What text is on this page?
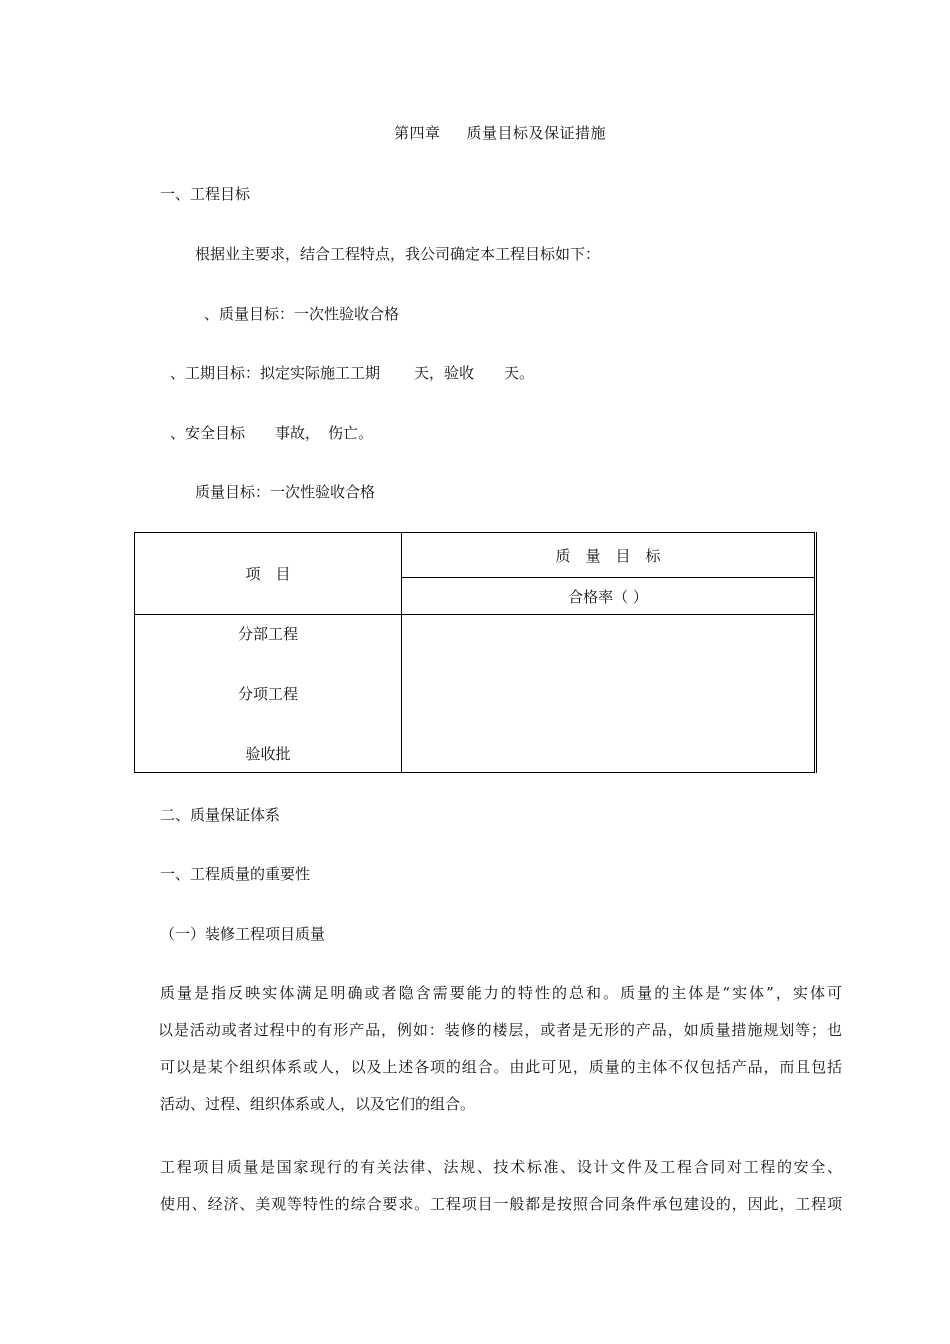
第四章 质量目标及保证措施
一、工程目标
根据业主要求，结合工程特点，我公司确定本工程目标如下：
、质量目标：一次性验收合格
、工期目标：拟定实际施工工期 天，验收 天。
、安全目标 事故， 伤亡。
质量目标：一次性验收合格
项　目	质　量　目　标
	合格率（ ）

分部工程
分项工程
验收批	

二、质量保证体系
一、工程质量的重要性
（一）装修工程项目质量
质量是指反映实体满足明确或者隐含需要能力的特性的总和。质量的主体是“实体”，实体可
以是活动或者过程中的有形产品，例如：装修的楼层，或者是无形的产品，如质量措施规划等；也
可以是某个组织体系或人，以及上述各项的组合。由此可见，质量的主体不仅包括产品，而且包括
活动、过程、组织体系或人，以及它们的组合。
工程项目质量是国家现行的有关法律、法规、技术标准、设计文件及工程合同对工程的安全、
使用、经济、美观等特性的综合要求。工程项目一般都是按照合同条件承包建设的，因此，工程项
